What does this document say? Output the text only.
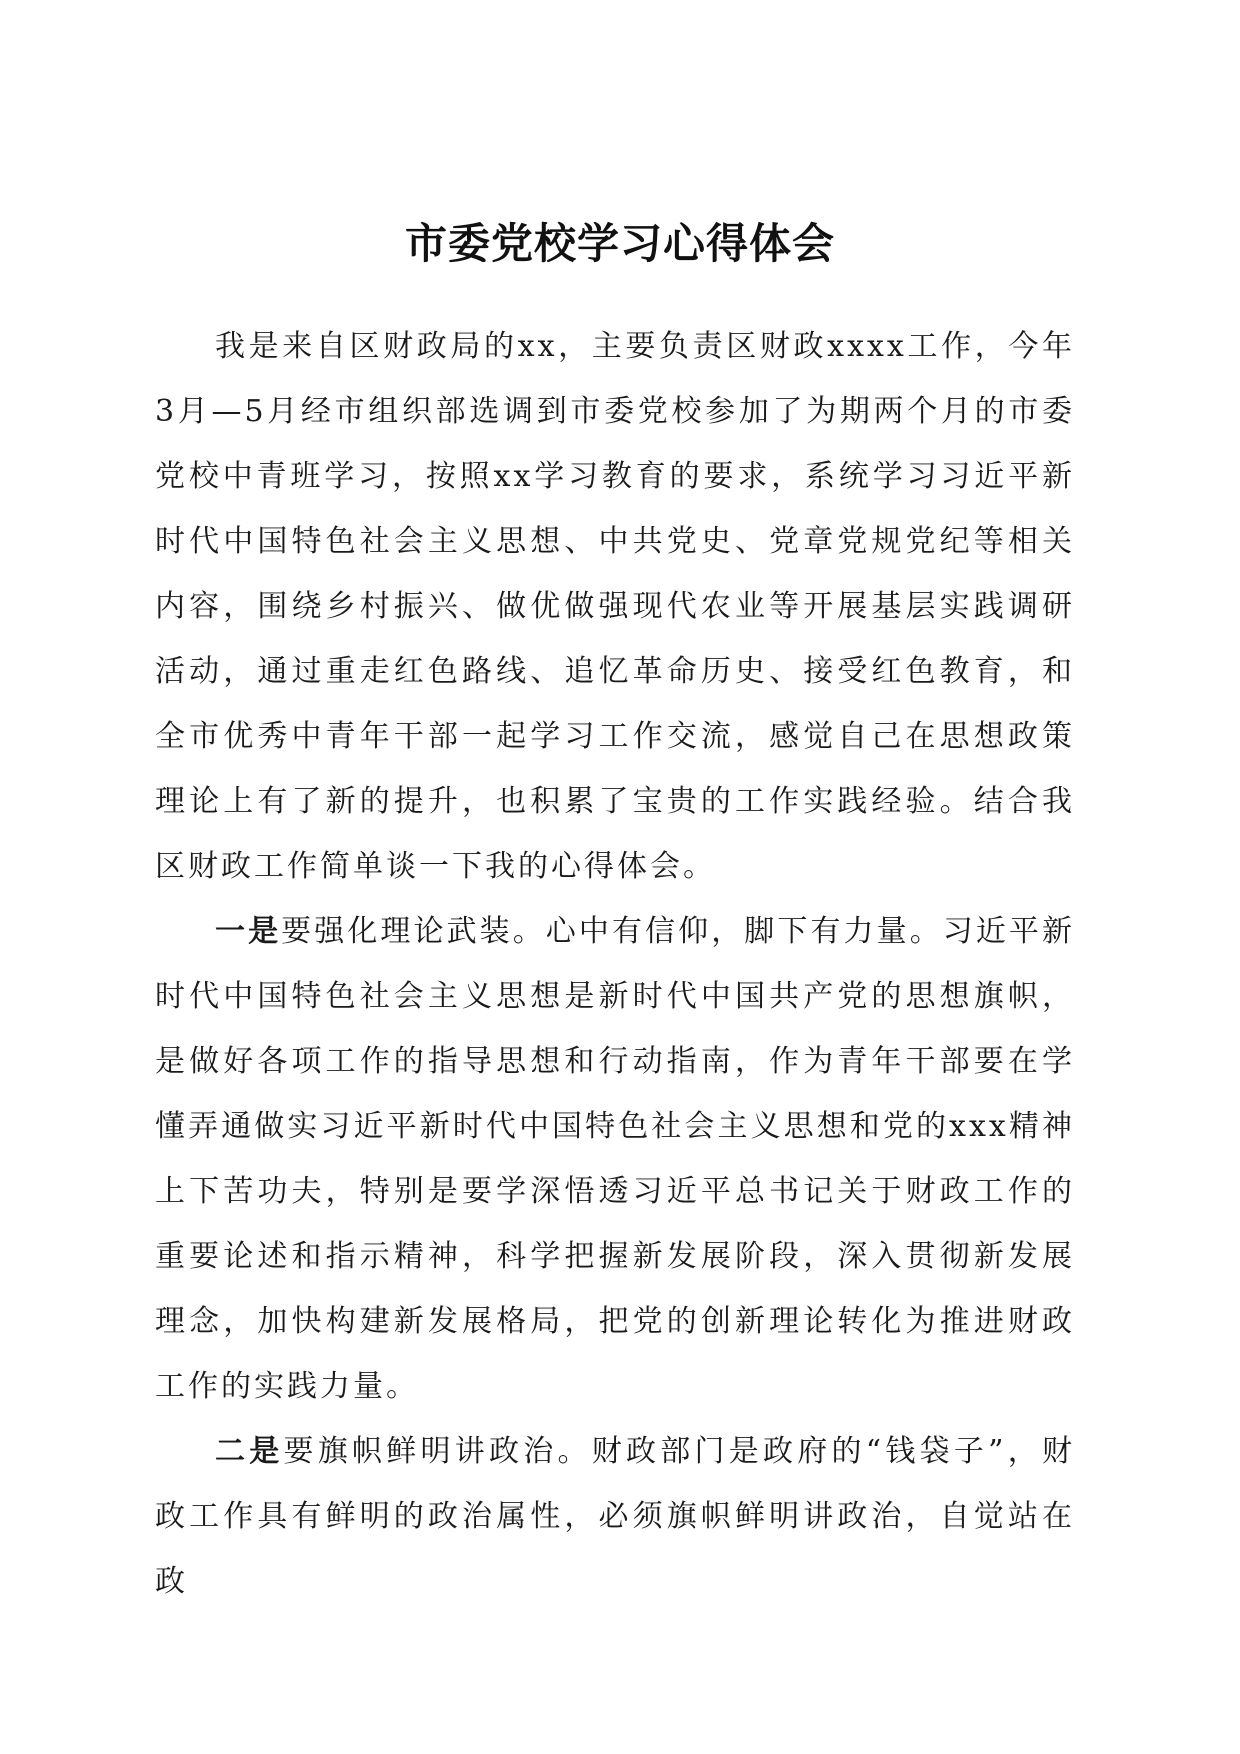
市委党校学习心得体会

我是来自区财政局的xx，主要负责区财政xxxx工作，今年3月—5月经市组织部选调到市委党校参加了为期两个月的市委党校中青班学习，按照xx学习教育的要求，系统学习习近平新时代中国特色社会主义思想、中共党史、党章党规党纪等相关内容，围绕乡村振兴、做优做强现代农业等开展基层实践调研活动，通过重走红色路线、追忆革命历史、接受红色教育，和全市优秀中青年干部一起学习工作交流，感觉自己在思想政策理论上有了新的提升，也积累了宝贵的工作实践经验。结合我区财政工作简单谈一下我的心得体会。

一是要强化理论武装。心中有信仰，脚下有力量。习近平新时代中国特色社会主义思想是新时代中国共产党的思想旗帜，是做好各项工作的指导思想和行动指南，作为青年干部要在学懂弄通做实习近平新时代中国特色社会主义思想和党的xxx精神上下苦功夫，特别是要学深悟透习近平总书记关于财政工作的重要论述和指示精神，科学把握新发展阶段，深入贯彻新发展理念，加快构建新发展格局，把党的创新理论转化为推进财政工作的实践力量。

二是要旗帜鲜明讲政治。财政部门是政府的“钱袋子”，财政工作具有鲜明的政治属性，必须旗帜鲜明讲政治，自觉站在政
